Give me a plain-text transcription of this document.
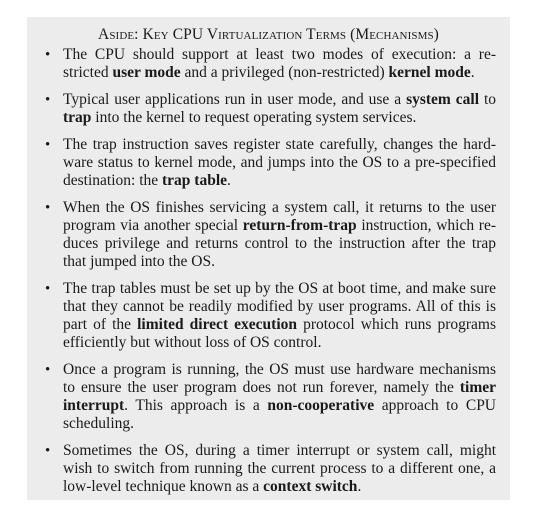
Aside: Key CPU Virtualization Terms (Mechanisms)
• The CPU should support at least two modes of execution: a re-stricted user mode and a privileged (non-restricted) kernel mode.
• Typical user applications run in user mode, and use a system call to trap into the kernel to request operating system services.
• The trap instruction saves register state carefully, changes the hard-ware status to kernel mode, and jumps into the OS to a pre-specified destination: the trap table.
• When the OS finishes servicing a system call, it returns to the user program via another special return-from-trap instruction, which re-duces privilege and returns control to the instruction after the trap that jumped into the OS.
• The trap tables must be set up by the OS at boot time, and make sure that they cannot be readily modified by user programs. All of this is part of the limited direct execution protocol which runs programs efficiently but without loss of OS control.
• Once a program is running, the OS must use hardware mechanisms to ensure the user program does not run forever, namely the timer interrupt. This approach is a non-cooperative approach to CPU scheduling.
• Sometimes the OS, during a timer interrupt or system call, might wish to switch from running the current process to a different one, a low-level technique known as a context switch.
